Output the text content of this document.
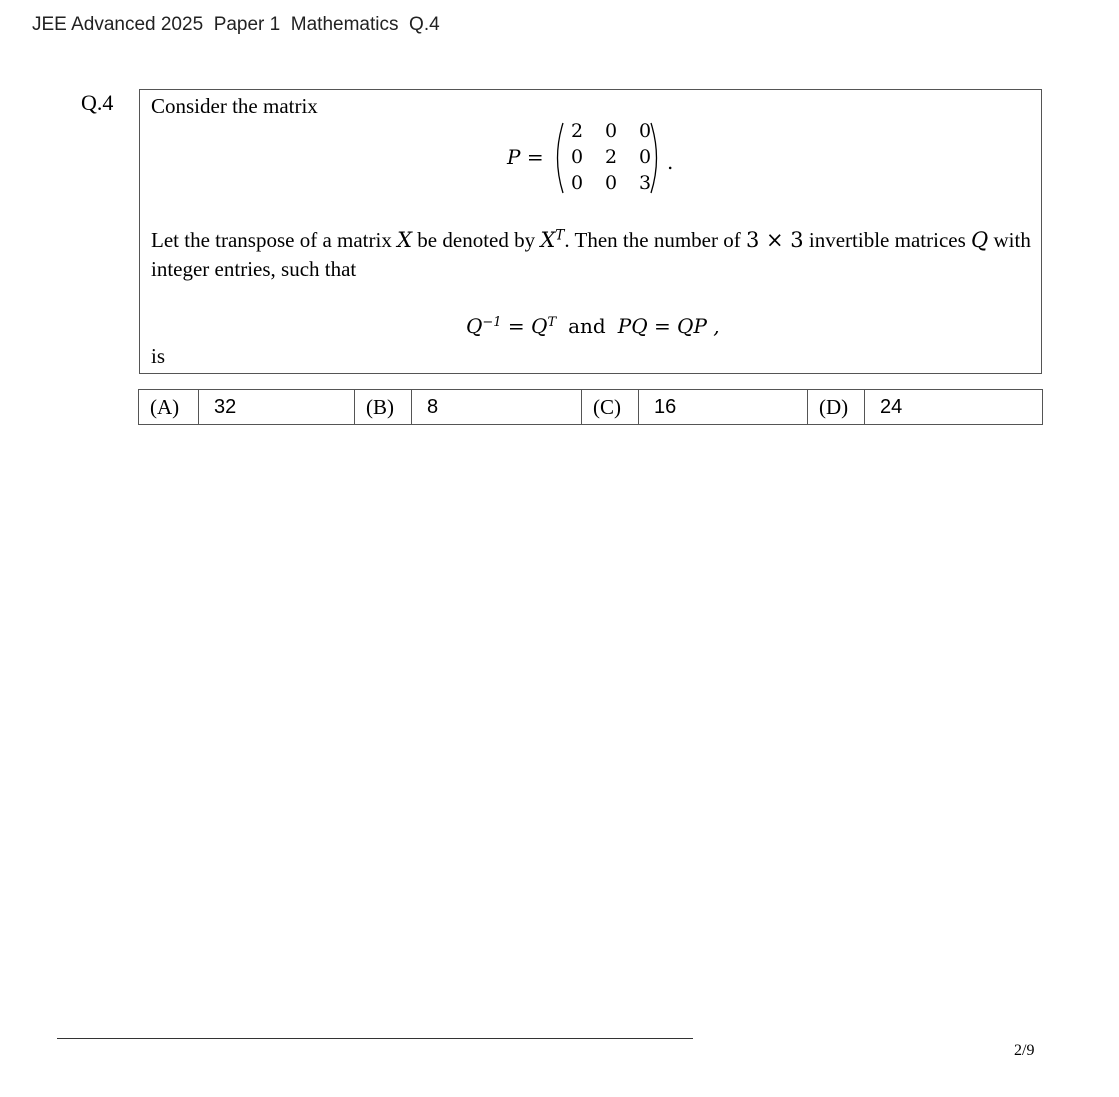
JEE Advanced 2025  Paper 1  Mathematics  Q.4
Q.4 Consider the matrix
P =
2	0	0
0	2	0
0	0	3
.
Let the transpose of a matrix X be denoted by $X^T$. Then the number of 3 × 3 invertible matrices Q with integer entries, such that
$Q^{-1} = Q^T$ and PQ = QP ,
is
(A)	32	(B)	8	(C)	16	(D)	24
2/9
